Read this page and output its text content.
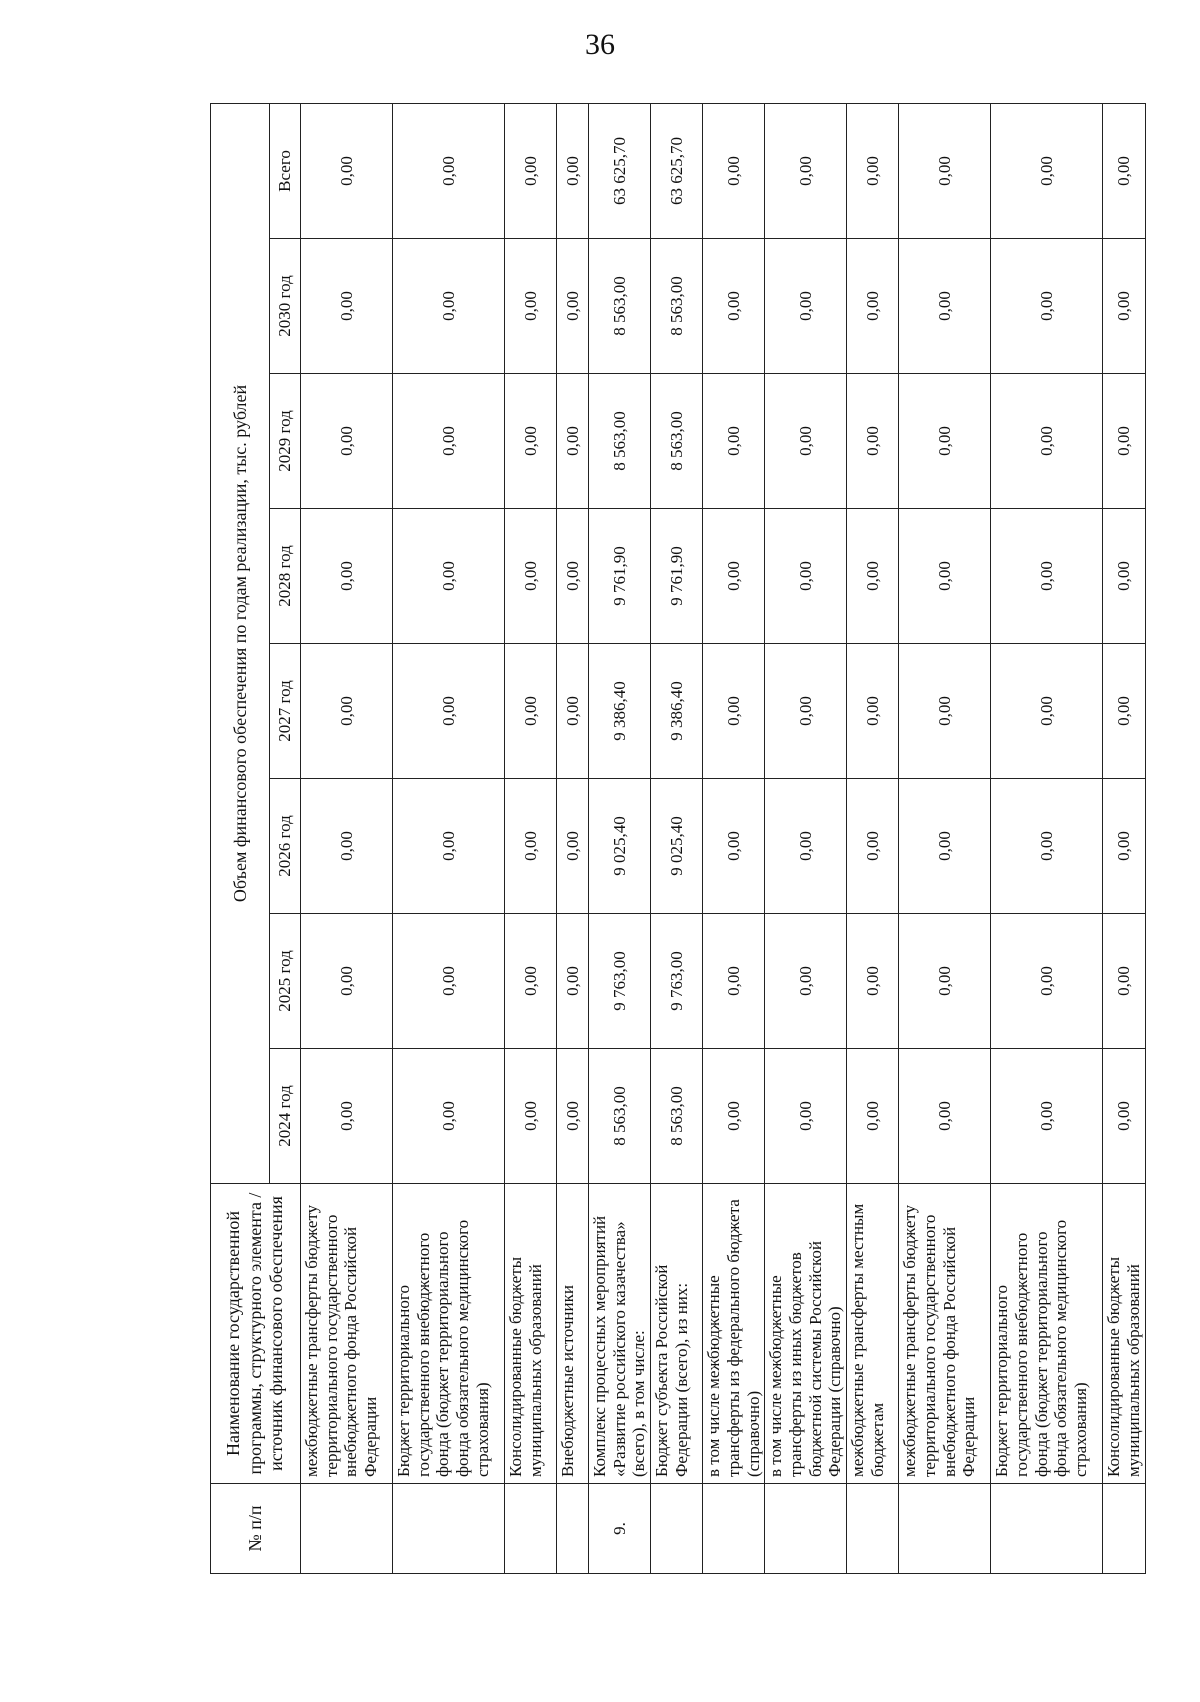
36
№ п/п	Наименование государственной программы, структурного элемента / источник финансового обеспечения	Объем финансового обеспечения по годам реализации, тыс. рублей							
		2024 год	2025 год	2026 год	2027 год	2028 год	2029 год	2030 год	Всего
	межбюджетные трансферты бюджету территориального государственного внебюджетного фонда Российской Федерации	0,00	0,00	0,00	0,00	0,00	0,00	0,00	0,00
	Бюджет территориального государственного внебюджетного фонда (бюджет территориального фонда обязательного медицинского страхования)	0,00	0,00	0,00	0,00	0,00	0,00	0,00	0,00
	Консолидированные бюджеты муниципальных образований	0,00	0,00	0,00	0,00	0,00	0,00	0,00	0,00
	Внебюджетные источники	0,00	0,00	0,00	0,00	0,00	0,00	0,00	0,00
9.	Комплекс процессных мероприятий «Развитие российского казачества» (всего), в том числе:	8 563,00	9 763,00	9 025,40	9 386,40	9 761,90	8 563,00	8 563,00	63 625,70
	Бюджет субъекта Российской Федерации (всего), из них:	8 563,00	9 763,00	9 025,40	9 386,40	9 761,90	8 563,00	8 563,00	63 625,70
	в том числе межбюджетные трансферты из федерального бюджета (справочно)	0,00	0,00	0,00	0,00	0,00	0,00	0,00	0,00
	в том числе межбюджетные трансферты из иных бюджетов бюджетной системы Российской Федерации (справочно)	0,00	0,00	0,00	0,00	0,00	0,00	0,00	0,00
	межбюджетные трансферты местным бюджетам	0,00	0,00	0,00	0,00	0,00	0,00	0,00	0,00
	межбюджетные трансферты бюджету территориального государственного внебюджетного фонда Российской Федерации	0,00	0,00	0,00	0,00	0,00	0,00	0,00	0,00
	Бюджет территориального государственного внебюджетного фонда (бюджет территориального фонда обязательного медицинского страхования)	0,00	0,00	0,00	0,00	0,00	0,00	0,00	0,00
	Консолидированные бюджеты муниципальных образований	0,00	0,00	0,00	0,00	0,00	0,00	0,00	0,00
